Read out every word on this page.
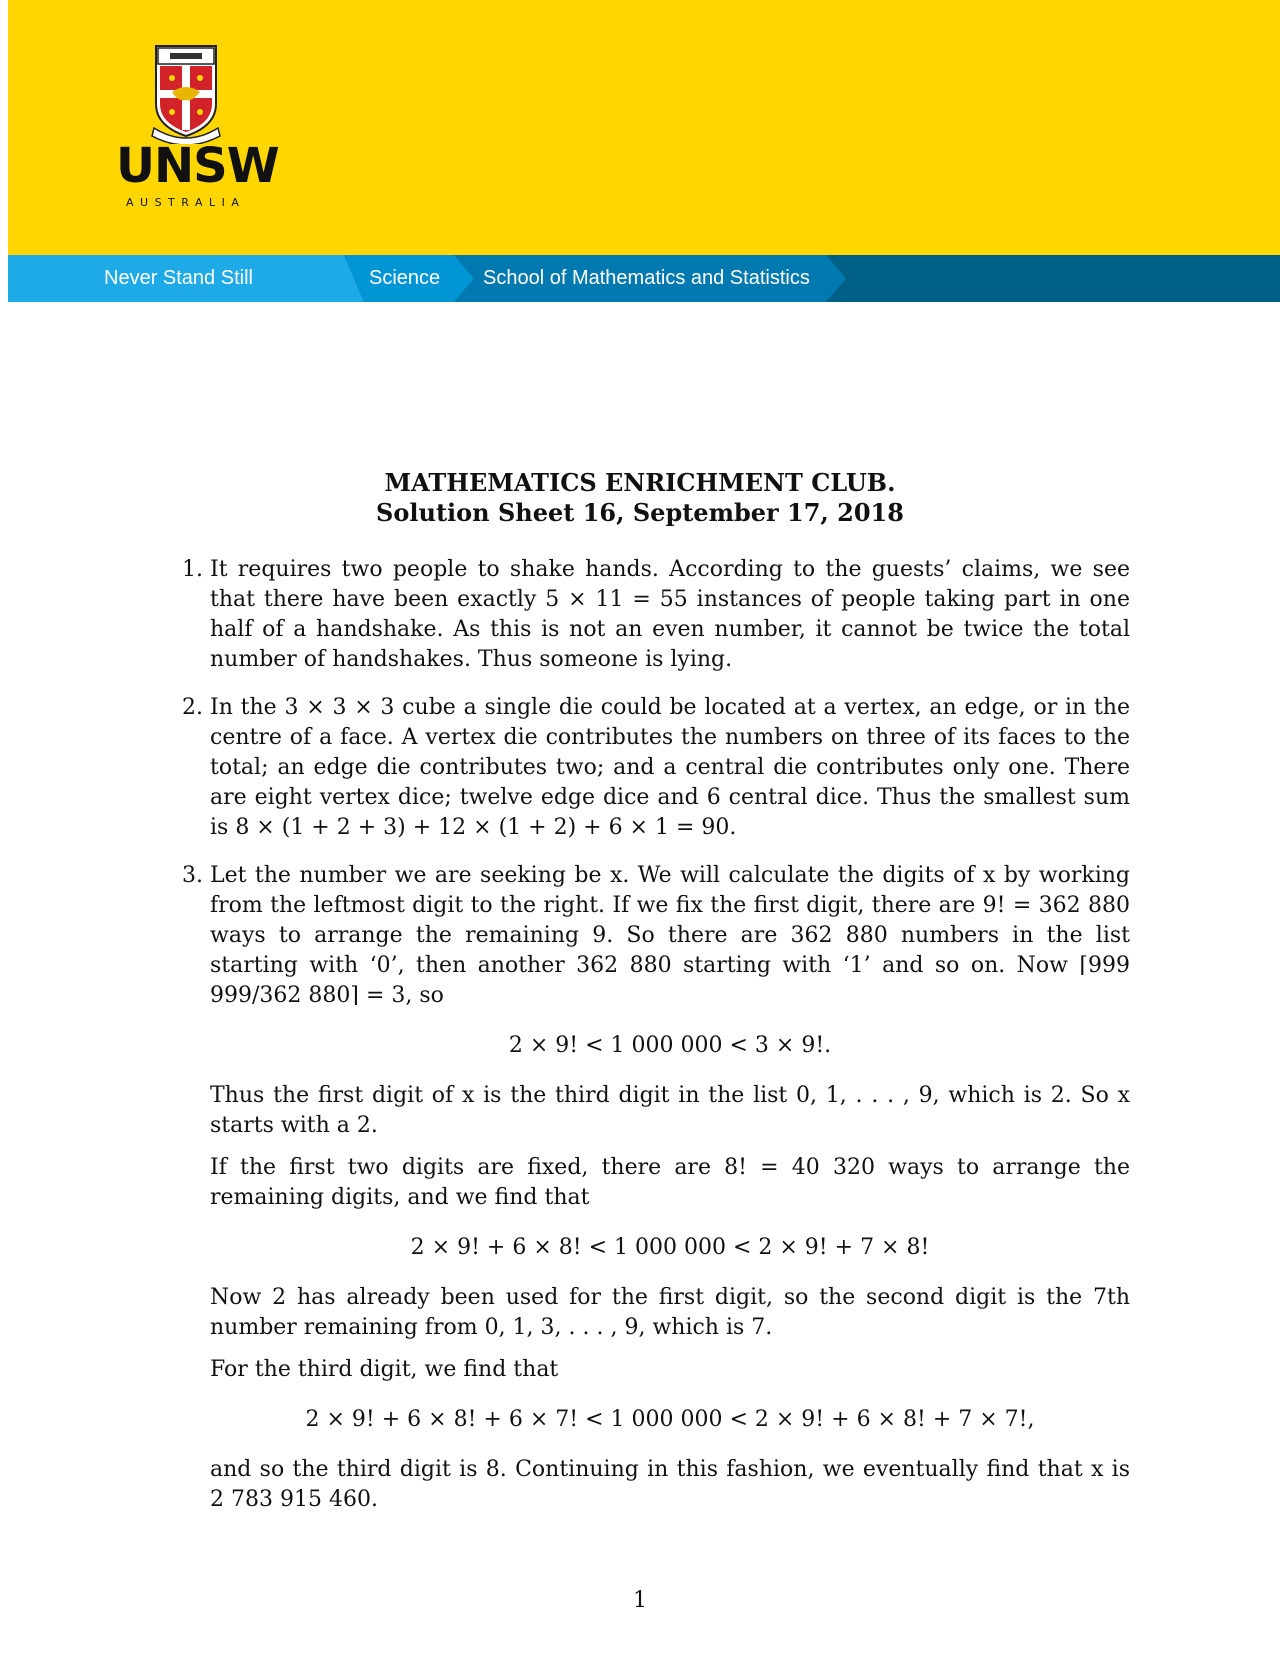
UNSW
AUSTRALIA
Never Stand Still	Science School of Mathematics and Statistics
MATHEMATICS ENRICHMENT CLUB.
Solution Sheet 16, September 17, 2018
1. It requires two people to shake hands. According to the guests’ claims, we see that there have been exactly 5 × 11 = 55 instances of people taking part in one half of a handshake. As this is not an even number, it cannot be twice the total number of handshakes. Thus someone is lying.
2. In the 3 × 3 × 3 cube a single die could be located at a vertex, an edge, or in the centre of a face. A vertex die contributes the numbers on three of its faces to the total; an edge die contributes two; and a central die contributes only one. There are eight vertex dice; twelve edge dice and 6 central dice. Thus the smallest sum is 8 × (1 + 2 + 3) + 12 × (1 + 2) + 6 × 1 = 90.
3. Let the number we are seeking be x. We will calculate the digits of x by working from the leftmost digit to the right. If we fix the first digit, there are 9! = 362 880 ways to arrange the remaining 9. So there are 362 880 numbers in the list starting with ‘0’, then another 362 880 starting with ‘1’ and so on. Now ⌈999 999/362 880⌉ = 3, so
2 × 9! < 1 000 000 < 3 × 9!.
Thus the first digit of x is the third digit in the list 0, 1, . . . , 9, which is 2. So x starts with a 2.
If the first two digits are fixed, there are 8! = 40 320 ways to arrange the remaining digits, and we find that
2 × 9! + 6 × 8! < 1 000 000 < 2 × 9! + 7 × 8!
Now 2 has already been used for the first digit, so the second digit is the 7th number remaining from 0, 1, 3, . . . , 9, which is 7.
For the third digit, we find that
2 × 9! + 6 × 8! + 6 × 7! < 1 000 000 < 2 × 9! + 6 × 8! + 7 × 7!,
and so the third digit is 8. Continuing in this fashion, we eventually find that x is 2 783 915 460.
1
